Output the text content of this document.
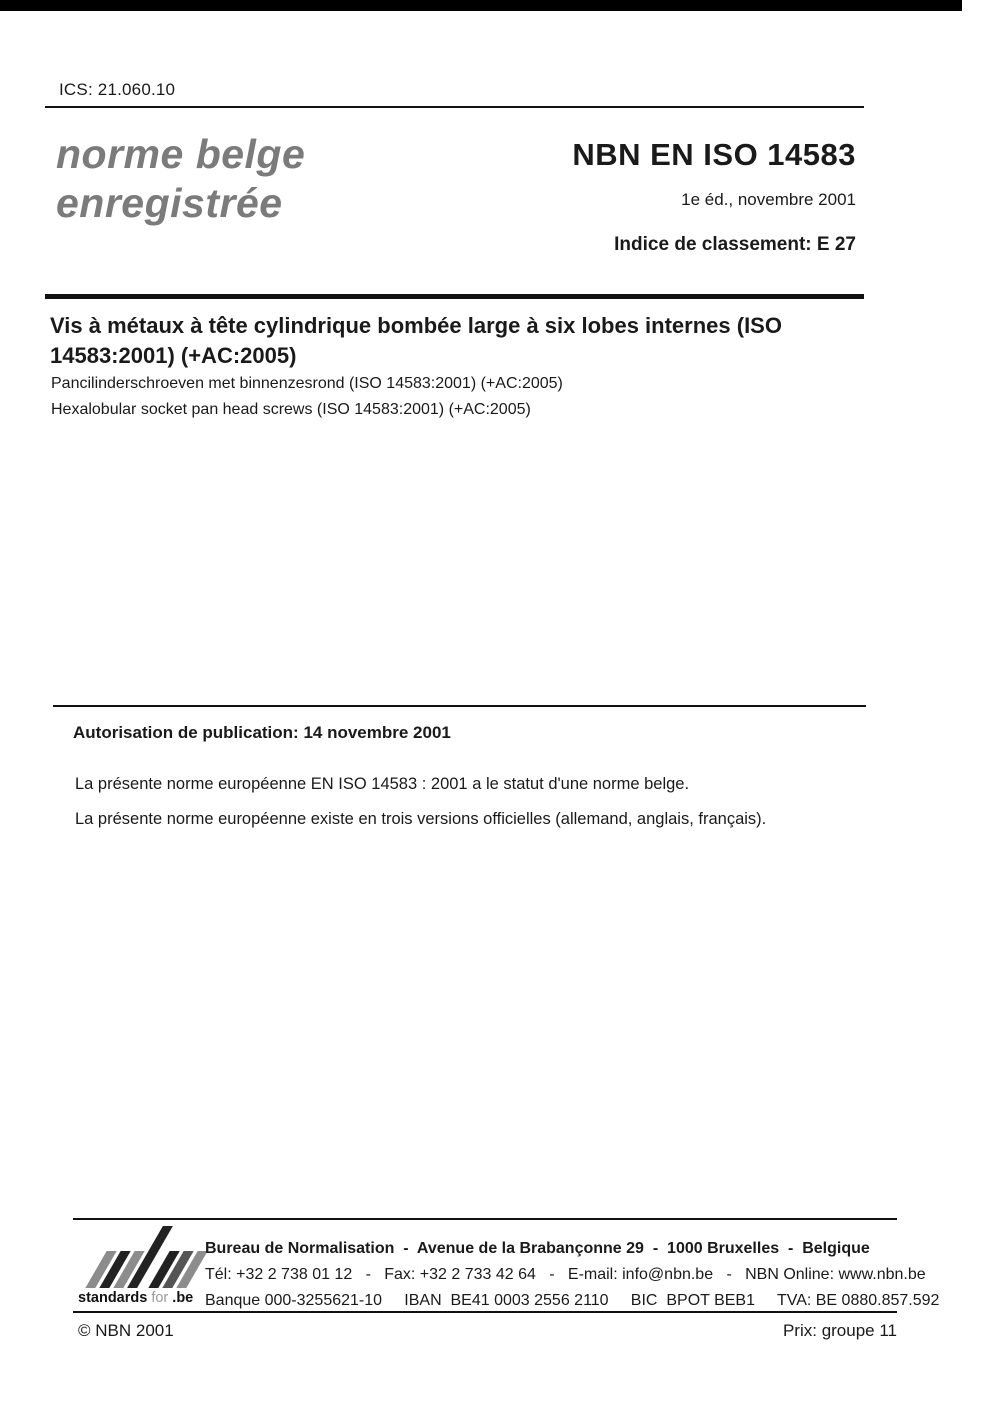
ICS: 21.060.10
norme belge
enregistrée
NBN EN ISO 14583
1e éd., novembre 2001
Indice de classement: E 27
Vis à métaux à tête cylindrique bombée large à six lobes internes (ISO
14583:2001) (+AC:2005)
Pancilinderschroeven met binnenzesrond (ISO 14583:2001) (+AC:2005)
Hexalobular socket pan head screws (ISO 14583:2001) (+AC:2005)
Autorisation de publication: 14 novembre 2001
La présente norme européenne EN ISO 14583 : 2001 a le statut d'une norme belge.
La présente norme européenne existe en trois versions officielles (allemand, anglais, français).
standards for .be
Bureau de Normalisation  -  Avenue de la Brabançonne 29  -  1000 Bruxelles  -  Belgique
Tél: +32 2 738 01 12   -   Fax: +32 2 733 42 64   -   E-mail: info@nbn.be   -   NBN Online: www.nbn.be
Banque 000-3255621-10     IBAN  BE41 0003 2556 2110     BIC  BPOT BEB1     TVA: BE 0880.857.592
© NBN 2001	Prix: groupe 11
